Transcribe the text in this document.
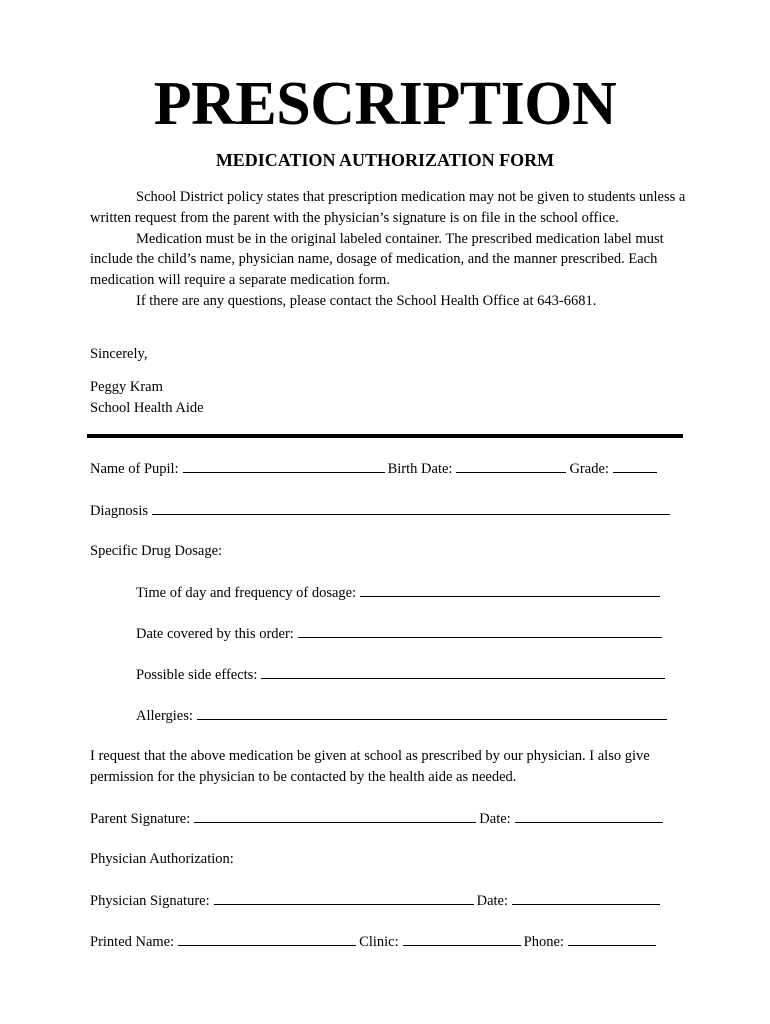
PRESCRIPTION
MEDICATION AUTHORIZATION FORM

School District policy states that prescription medication may not be given to students unless a written request from the parent with the physician’s signature is on file in the school office.

Medication must be in the original labeled container. The prescribed medication label must include the child’s name, physician name, dosage of medication, and the manner prescribed. Each medication will require a separate medication form.

If there are any questions, please contact the School Health Office at 643-6681.

Sincerely,
Peggy Kram
School Health Aide
Name of Pupil:	Birth Date:	Grade:
Diagnosis
Specific Drug Dosage:
Time of day and frequency of dosage:
Date covered by this order:
Possible side effects:
Allergies:
I request that the above medication be given at school as prescribed by our physician. I also give permission for the physician to be contacted by the health aide as needed.
Parent Signature:	Date:
Physician Authorization:
Physician Signature:	Date:
Printed Name:	Clinic:	Phone:
